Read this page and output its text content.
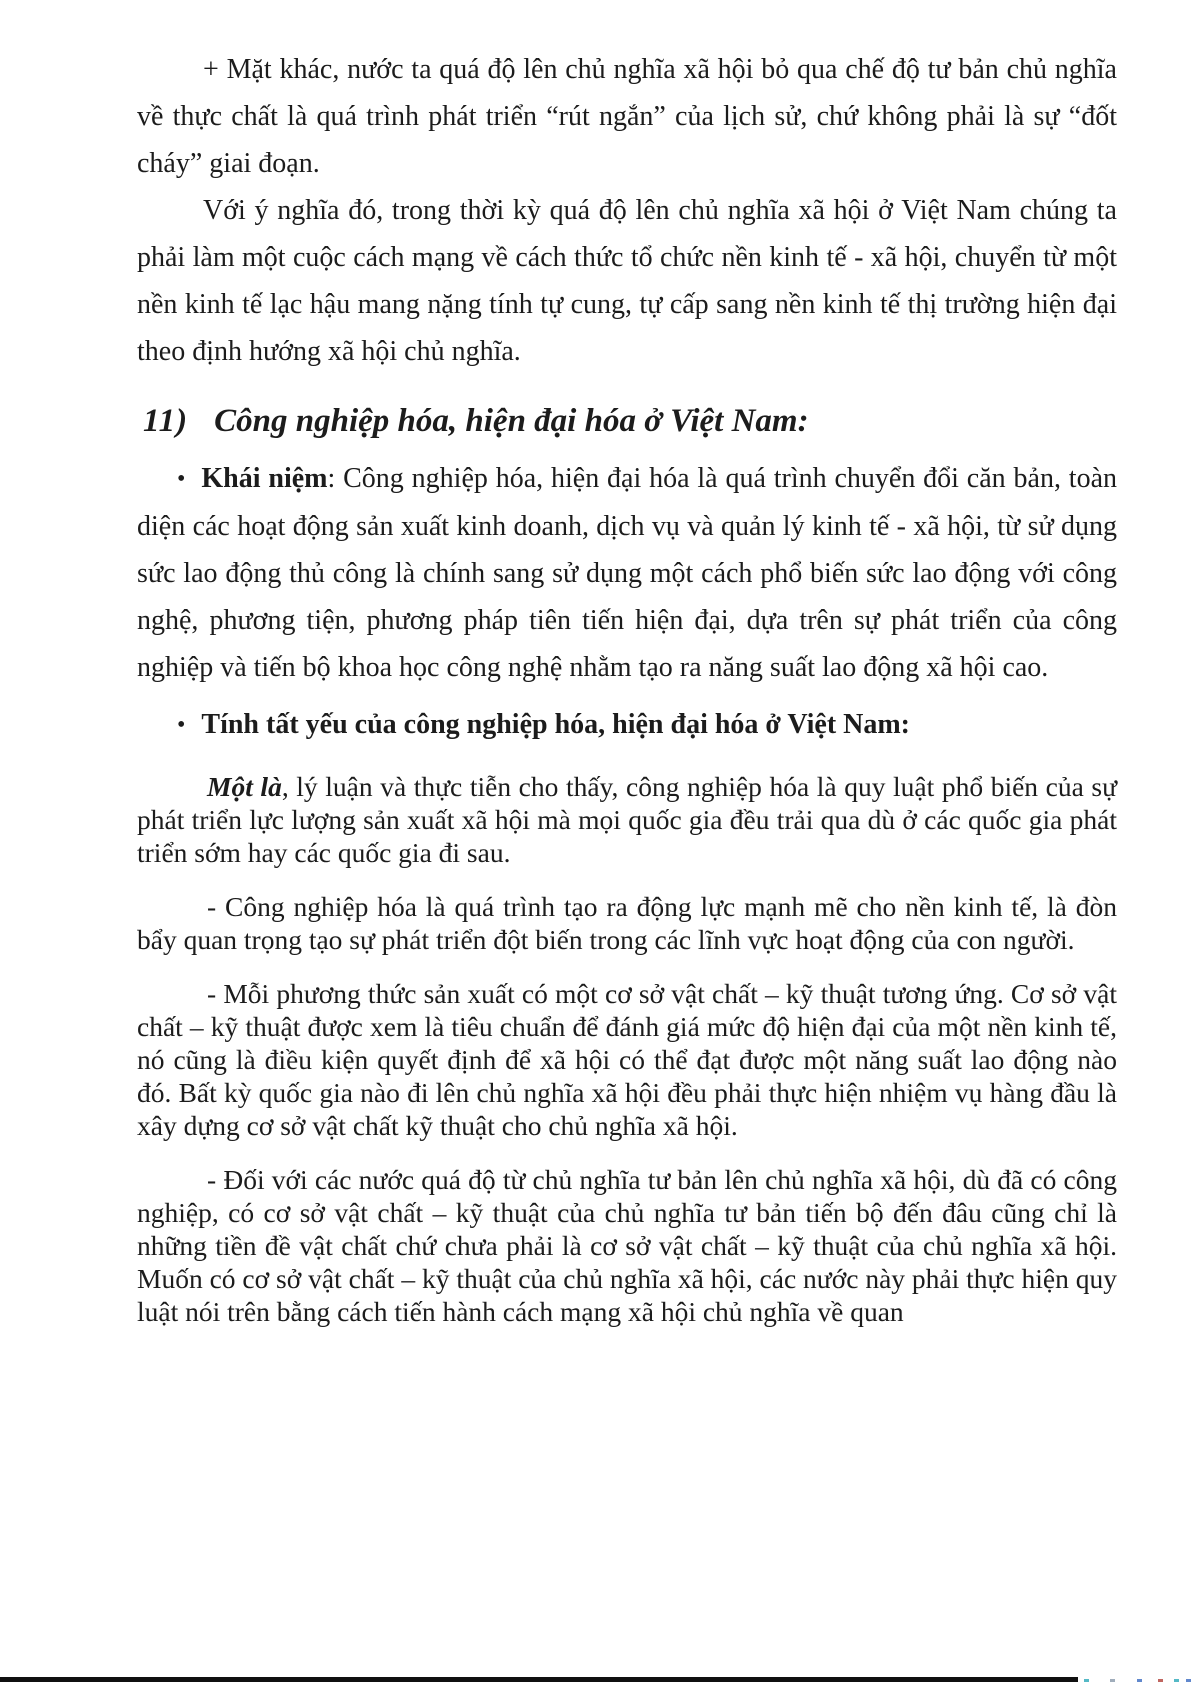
+ Mặt khác, nước ta quá độ lên chủ nghĩa xã hội bỏ qua chế độ tư bản chủ nghĩa về thực chất là quá trình phát triển “rút ngắn” của lịch sử, chứ không phải là sự “đốt cháy” giai đoạn.

Với ý nghĩa đó, trong thời kỳ quá độ lên chủ nghĩa xã hội ở Việt Nam chúng ta phải làm một cuộc cách mạng về cách thức tổ chức nền kinh tế - xã hội, chuyển từ một nền kinh tế lạc hậu mang nặng tính tự cung, tự cấp sang nền kinh tế thị trường hiện đại theo định hướng xã hội chủ nghĩa.

11) Công nghiệp hóa, hiện đại hóa ở Việt Nam:

• Khái niệm: Công nghiệp hóa, hiện đại hóa là quá trình chuyển đổi căn bản, toàn diện các hoạt động sản xuất kinh doanh, dịch vụ và quản lý kinh tế - xã hội, từ sử dụng sức lao động thủ công là chính sang sử dụng một cách phổ biến sức lao động với công nghệ, phương tiện, phương pháp tiên tiến hiện đại, dựa trên sự phát triển của công nghiệp và tiến bộ khoa học công nghệ nhằm tạo ra năng suất lao động xã hội cao.

• Tính tất yếu của công nghiệp hóa, hiện đại hóa ở Việt Nam:

Một là, lý luận và thực tiễn cho thấy, công nghiệp hóa là quy luật phổ biến của sự phát triển lực lượng sản xuất xã hội mà mọi quốc gia đều trải qua dù ở các quốc gia phát triển sớm hay các quốc gia đi sau.

- Công nghiệp hóa là quá trình tạo ra động lực mạnh mẽ cho nền kinh tế, là đòn bẩy quan trọng tạo sự phát triển đột biến trong các lĩnh vực hoạt động của con người.

- Mỗi phương thức sản xuất có một cơ sở vật chất – kỹ thuật tương ứng. Cơ sở vật chất – kỹ thuật được xem là tiêu chuẩn để đánh giá mức độ hiện đại của một nền kinh tế, nó cũng là điều kiện quyết định để xã hội có thể đạt được một năng suất lao động nào đó. Bất kỳ quốc gia nào đi lên chủ nghĩa xã hội đều phải thực hiện nhiệm vụ hàng đầu là xây dựng cơ sở vật chất kỹ thuật cho chủ nghĩa xã hội.

- Đối với các nước quá độ từ chủ nghĩa tư bản lên chủ nghĩa xã hội, dù đã có công nghiệp, có cơ sở vật chất – kỹ thuật của chủ nghĩa tư bản tiến bộ đến đâu cũng chỉ là những tiền đề vật chất chứ chưa phải là cơ sở vật chất – kỹ thuật của chủ nghĩa xã hội. Muốn có cơ sở vật chất – kỹ thuật của chủ nghĩa xã hội, các nước này phải thực hiện quy luật nói trên bằng cách tiến hành cách mạng xã hội chủ nghĩa về quan
